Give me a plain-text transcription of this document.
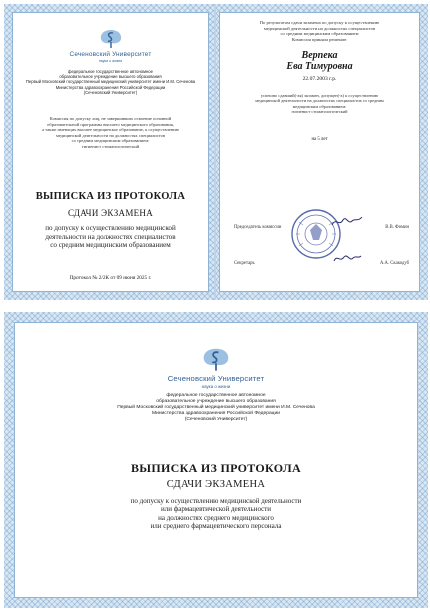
Сеченовский Университет
наука о жизни
федеральное государственное автономное
образовательное учреждение высшего образования
Первый Московский государственный медицинский университет имени И.М. Сеченова
Министерства здравоохранения Российской Федерации
(Сеченовский Университет)
Комиссия по допуску лиц, не завершивших освоение основной
образовательной программы высшего медицинского образования,
а также имеющих высшее медицинское образование, к осуществлению
медицинской деятельности на должностях специалистов
со средним медицинским образованием:
гигиенист стоматологический
ВЫПИСКА ИЗ ПРОТОКОЛА
СДАЧИ ЭКЗАМЕНА
по допуску к осуществлению медицинской
деятельности на должностях специалистов
со средним медицинским образованием
Протокол № 2/2К от 09 июня 2025 г.
По результатам сдачи экзамена по допуску к осуществлению
медицинской деятельности на должностях специалистов
со средним медицинским образованием
Комиссия приняла решение:
Верпека
Ева Тимуровна
22.07.2003 г.р.
успешно сдавший(-ая) экзамен, допущен(-а) к осуществлению
медицинской деятельности на должностях специалистов со средним
медицинским образованием:
гигиенист стоматологический
на 5 лет
Председатель комиссии	В.В. Фомин
Секретарь	А.А. Скакодуб
Сеченовский Университет
наука о жизни
федеральное государственное автономное
образовательное учреждение высшего образования
Первый Московский государственный медицинский университет имени И.М. Сеченова
Министерства здравоохранения Российской Федерации
(Сеченовский Университет)
ВЫПИСКА ИЗ ПРОТОКОЛА
СДАЧИ ЭКЗАМЕНА
по допуску к осуществлению медицинской деятельности
или фармацевтической деятельности
на должностях среднего медицинского
или среднего фармацевтического персонала
